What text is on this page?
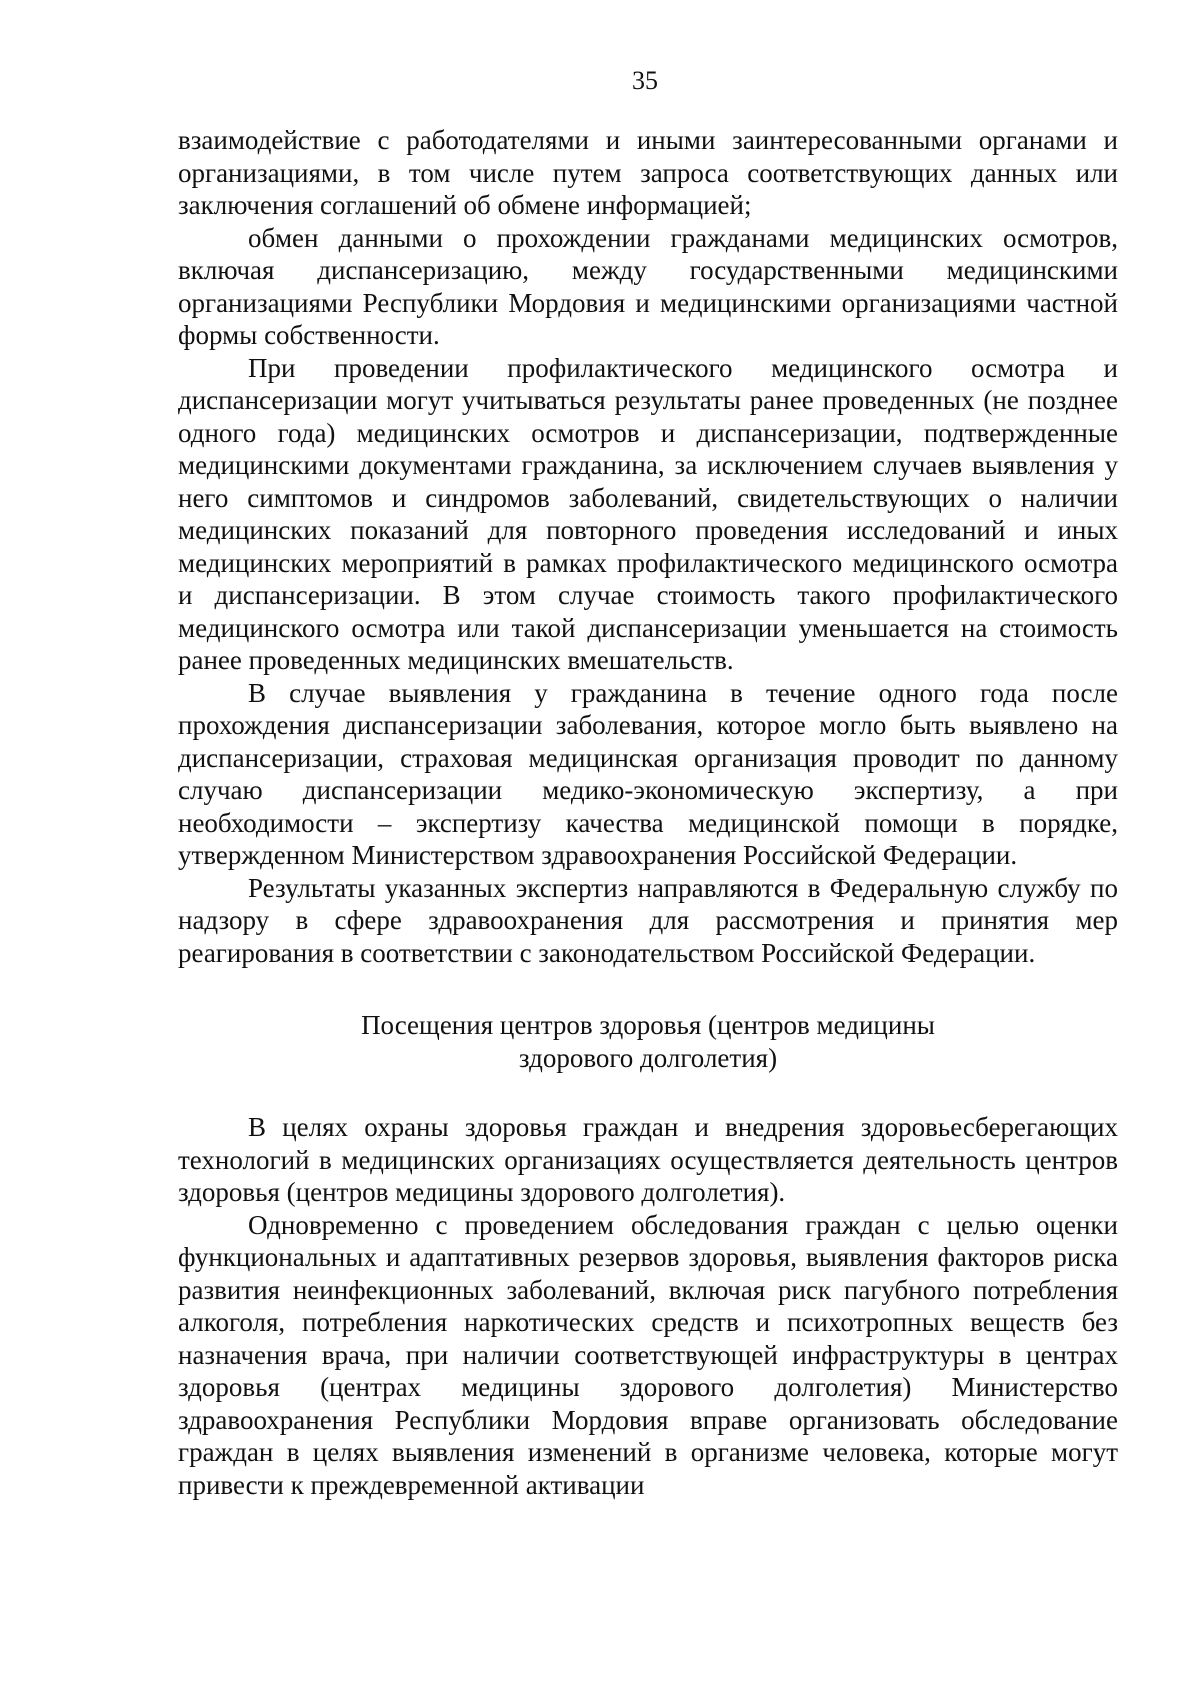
35

взаимодействие с работодателями и иными заинтересованными органами и организациями, в том числе путем запроса соответствующих данных или заключения соглашений об обмене информацией;

обмен данными о прохождении гражданами медицинских осмотров, включая диспансеризацию, между государственными медицинскими организациями Республики Мордовия и медицинскими организациями частной формы собственности.

При проведении профилактического медицинского осмотра и диспансеризации могут учитываться результаты ранее проведенных (не позднее одного года) медицинских осмотров и диспансеризации, подтвержденные медицинскими документами гражданина, за исключением случаев выявления у него симптомов и синдромов заболеваний, свидетельствующих о наличии медицинских показаний для повторного проведения исследований и иных медицинских мероприятий в рамках профилактического медицинского осмотра и диспансеризации. В этом случае стоимость такого профилактического медицинского осмотра или такой диспансеризации уменьшается на стоимость ранее проведенных медицинских вмешательств.

В случае выявления у гражданина в течение одного года после прохождения диспансеризации заболевания, которое могло быть выявлено на диспансеризации, страховая медицинская организация проводит по данному случаю диспансеризации медико-экономическую экспертизу, а при необходимости – экспертизу качества медицинской помощи в порядке, утвержденном Министерством здравоохранения Российской Федерации.

Результаты указанных экспертиз направляются в Федеральную службу по надзору в сфере здравоохранения для рассмотрения и принятия мер реагирования в соответствии с законодательством Российской Федерации.

Посещения центров здоровья (центров медицины
здорового долголетия)

В целях охраны здоровья граждан и внедрения здоровьесберегающих технологий в медицинских организациях осуществляется деятельность центров здоровья (центров медицины здорового долголетия).

Одновременно с проведением обследования граждан с целью оценки функциональных и адаптативных резервов здоровья, выявления факторов риска развития неинфекционных заболеваний, включая риск пагубного потребления алкоголя, потребления наркотических средств и психотропных веществ без назначения врача, при наличии соответствующей инфраструктуры в центрах здоровья (центрах медицины здорового долголетия) Министерство здравоохранения Республики Мордовия вправе организовать обследование граждан в целях выявления изменений в организме человека, которые могут привести к преждевременной активации
